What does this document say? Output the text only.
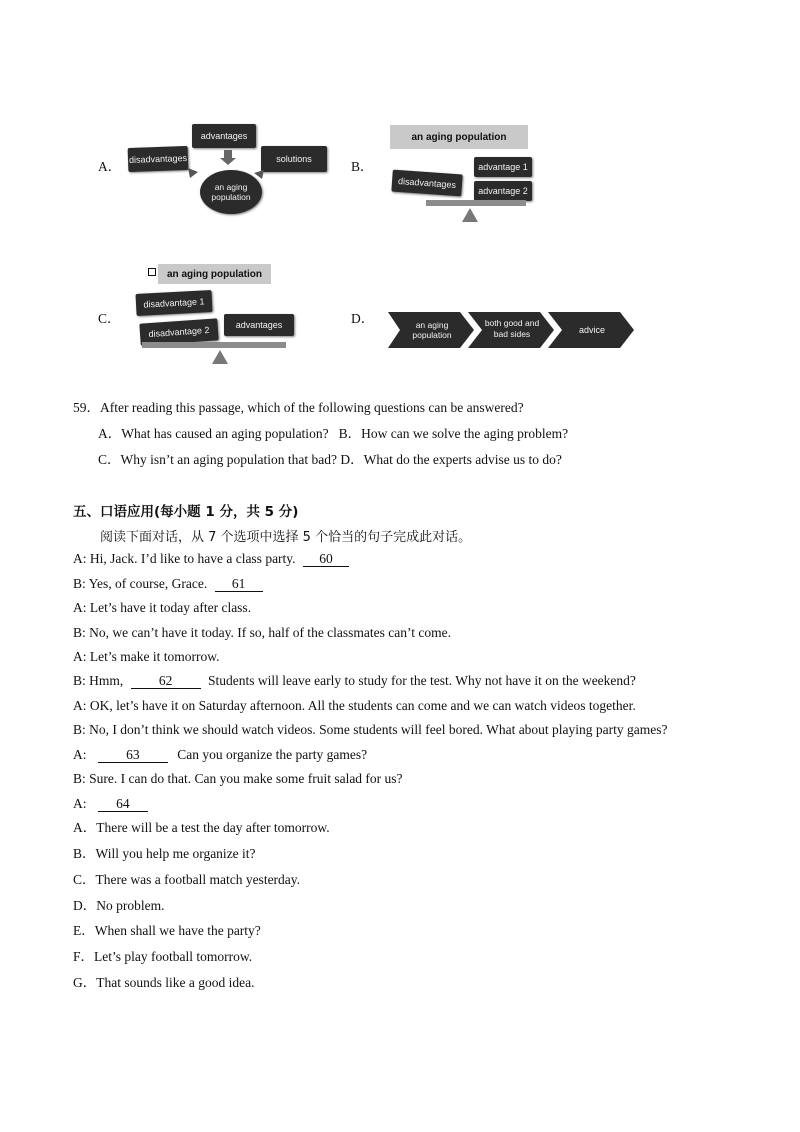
A．
advantages
disadvantages	solutions
an aging population
B．
an aging population
advantage 1
disadvantages
advantage 2
C．
an aging population
disadvantage 1
disadvantage 2	advantages	D．	an aging population
both good and bad sides	advice
59．After reading this passage, which of the following questions can be answered?
A．What has caused an aging population?   B．How can we solve the aging problem?
C．Why isn’t an aging population that bad? D．What do the experts advise us to do?
五、口语应用(每小题 1 分，共 5 分)
阅读下面对话，从 7 个选项中选择 5 个恰当的句子完成此对话。
A: Hi, Jack. I’d like to have a class party. 60
B: Yes, of course, Grace. 61
A: Let’s have it today after class.
B: No, we can’t have it today. If so, half of the classmates can’t come.
A: Let’s make it tomorrow.
B: Hmm,	62	Students will leave early to study for the test. Why not have it on the weekend?
A: OK, let’s have it on Saturday afternoon. All the students can come and we can watch videos together.
B: No, I don’t think we should watch videos. Some students will feel bored. What about playing party games?
A:	63	Can you organize the party games?
B: Sure. I can do that. Can you make some fruit salad for us?
A: 64
A．There will be a test the day after tomorrow.
B．Will you help me organize it?
C．There was a football match yesterday.
D．No problem.
E．When shall we have the party?
F．Let’s play football tomorrow.
G．That sounds like a good idea.
